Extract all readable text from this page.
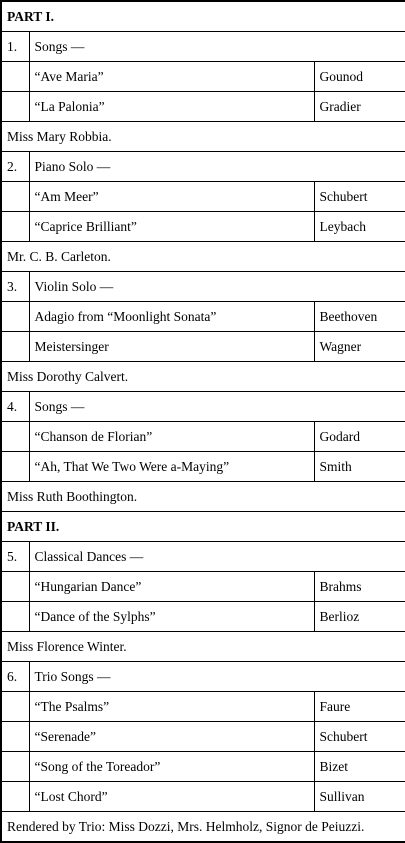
PART I.		
1.	Songs —	
	“Ave Maria”	Gounod
	“La Palonia”	Gradier
Miss Mary Robbia.		
2.	Piano Solo —	
	“Am Meer”	Schubert
	“Caprice Brilliant”	Leybach
Mr. C. B. Carleton.		
3.	Violin Solo —	
	Adagio from “Moonlight Sonata”	Beethoven
	Meistersinger	Wagner
Miss Dorothy Calvert.		
4.	Songs —	
	“Chanson de Florian”	Godard
	“Ah, That We Two Were a-Maying”	Smith
Miss Ruth Boothington.		
PART II.		
5.	Classical Dances —	
	“Hungarian Dance”	Brahms
	“Dance of the Sylphs”	Berlioz
Miss Florence Winter.		
6.	Trio Songs —	
	“The Psalms”	Faure
	“Serenade”	Schubert
	“Song of the Toreador”	Bizet
	“Lost Chord”	Sullivan
Rendered by Trio: Miss Dozzi, Mrs. Helmholz, Signor de Peiuzzi.		
